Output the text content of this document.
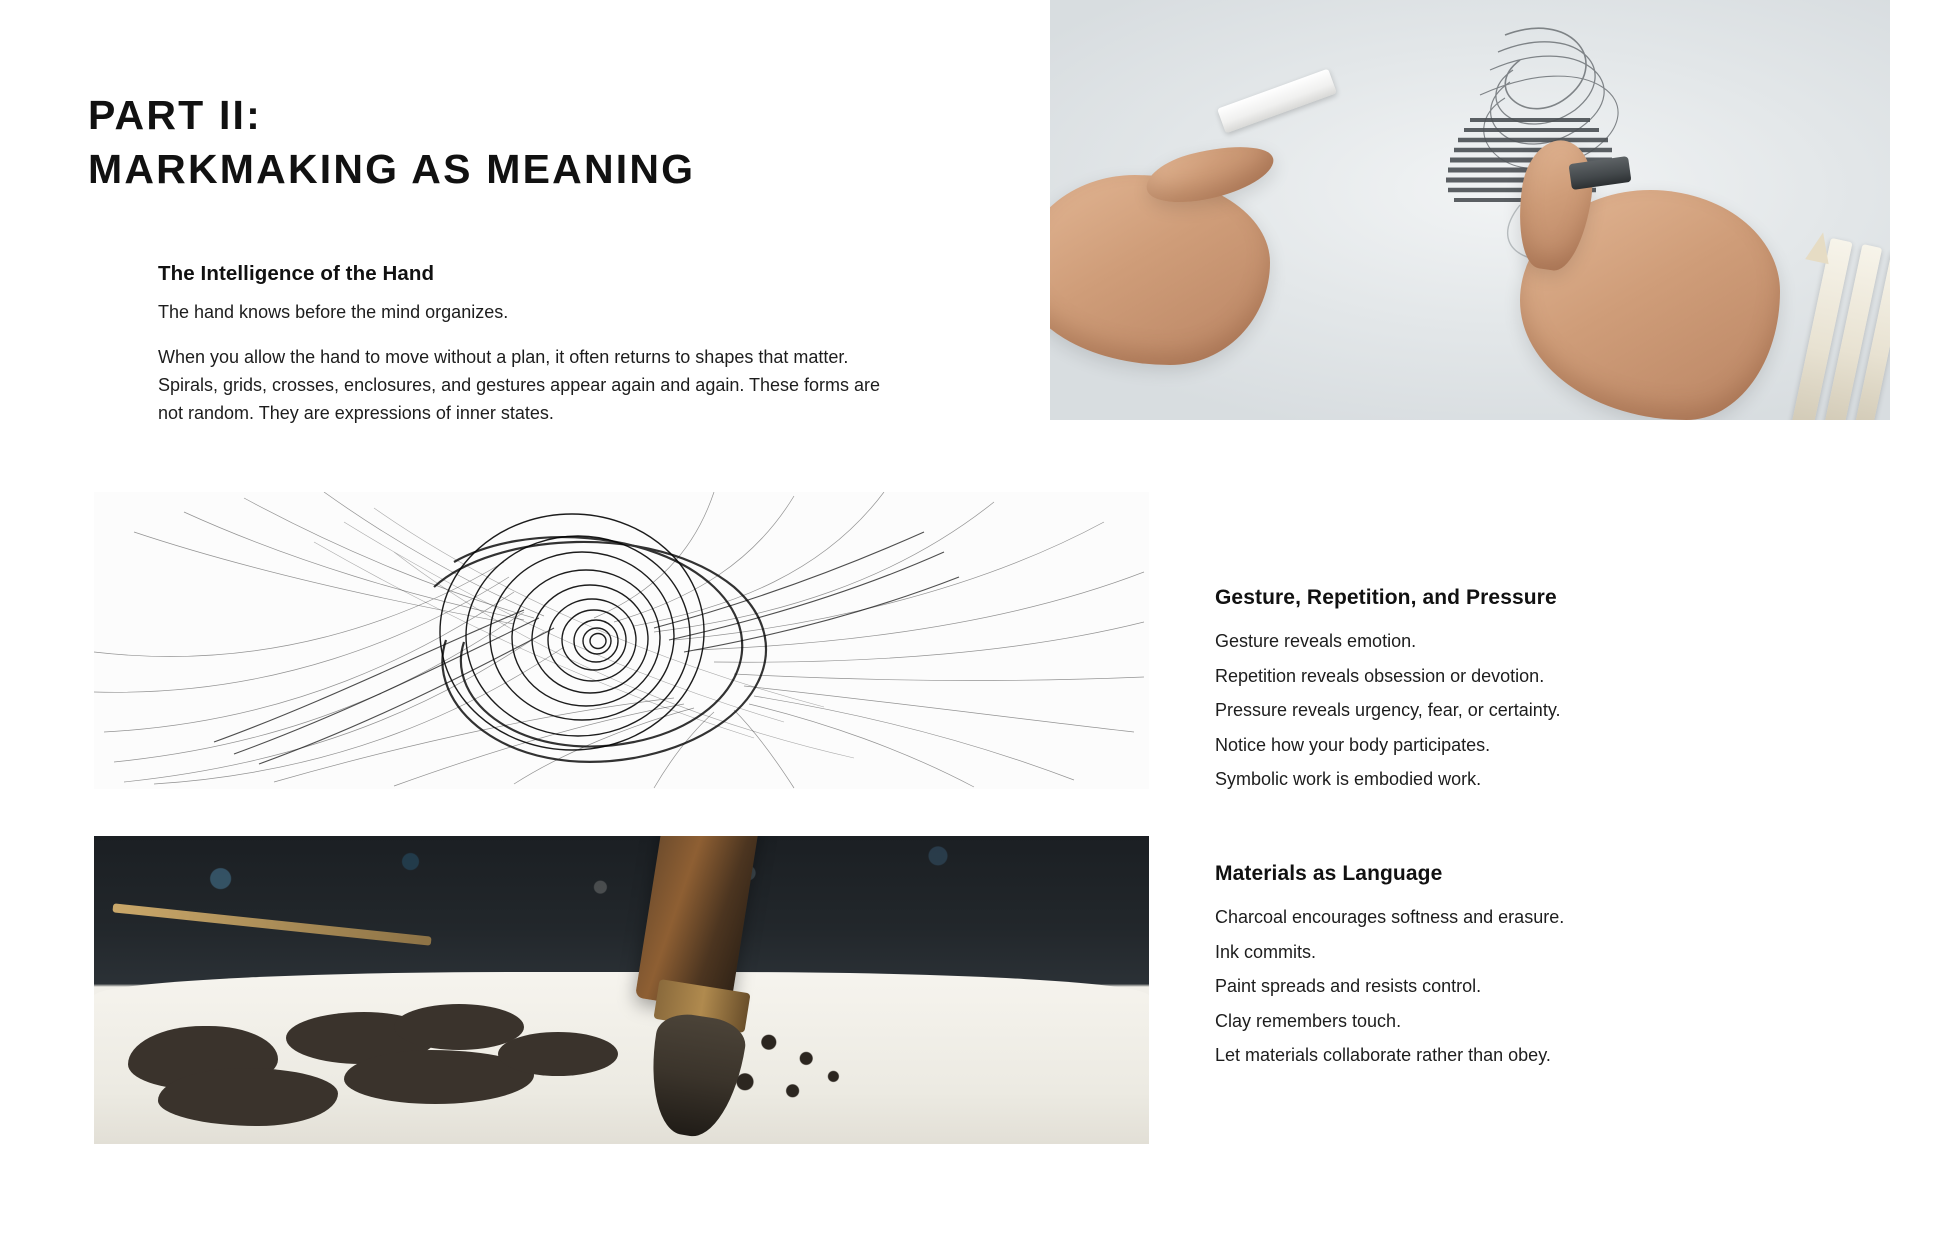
PART II:
MARKMAKING AS MEANING
The Intelligence of the Hand
The hand knows before the mind organizes.
When you allow the hand to move without a plan, it often returns to shapes that matter. Spirals, grids, crosses, enclosures, and gestures appear again and again. These forms are not random. They are expressions of inner states.
Gesture, Repetition, and Pressure
Gesture reveals emotion.
Repetition reveals obsession or devotion.
Pressure reveals urgency, fear, or certainty.
Notice how your body participates.
Symbolic work is embodied work.
Materials as Language
Charcoal encourages softness and erasure.
Ink commits.
Paint spreads and resists control.
Clay remembers touch.
Let materials collaborate rather than obey.
